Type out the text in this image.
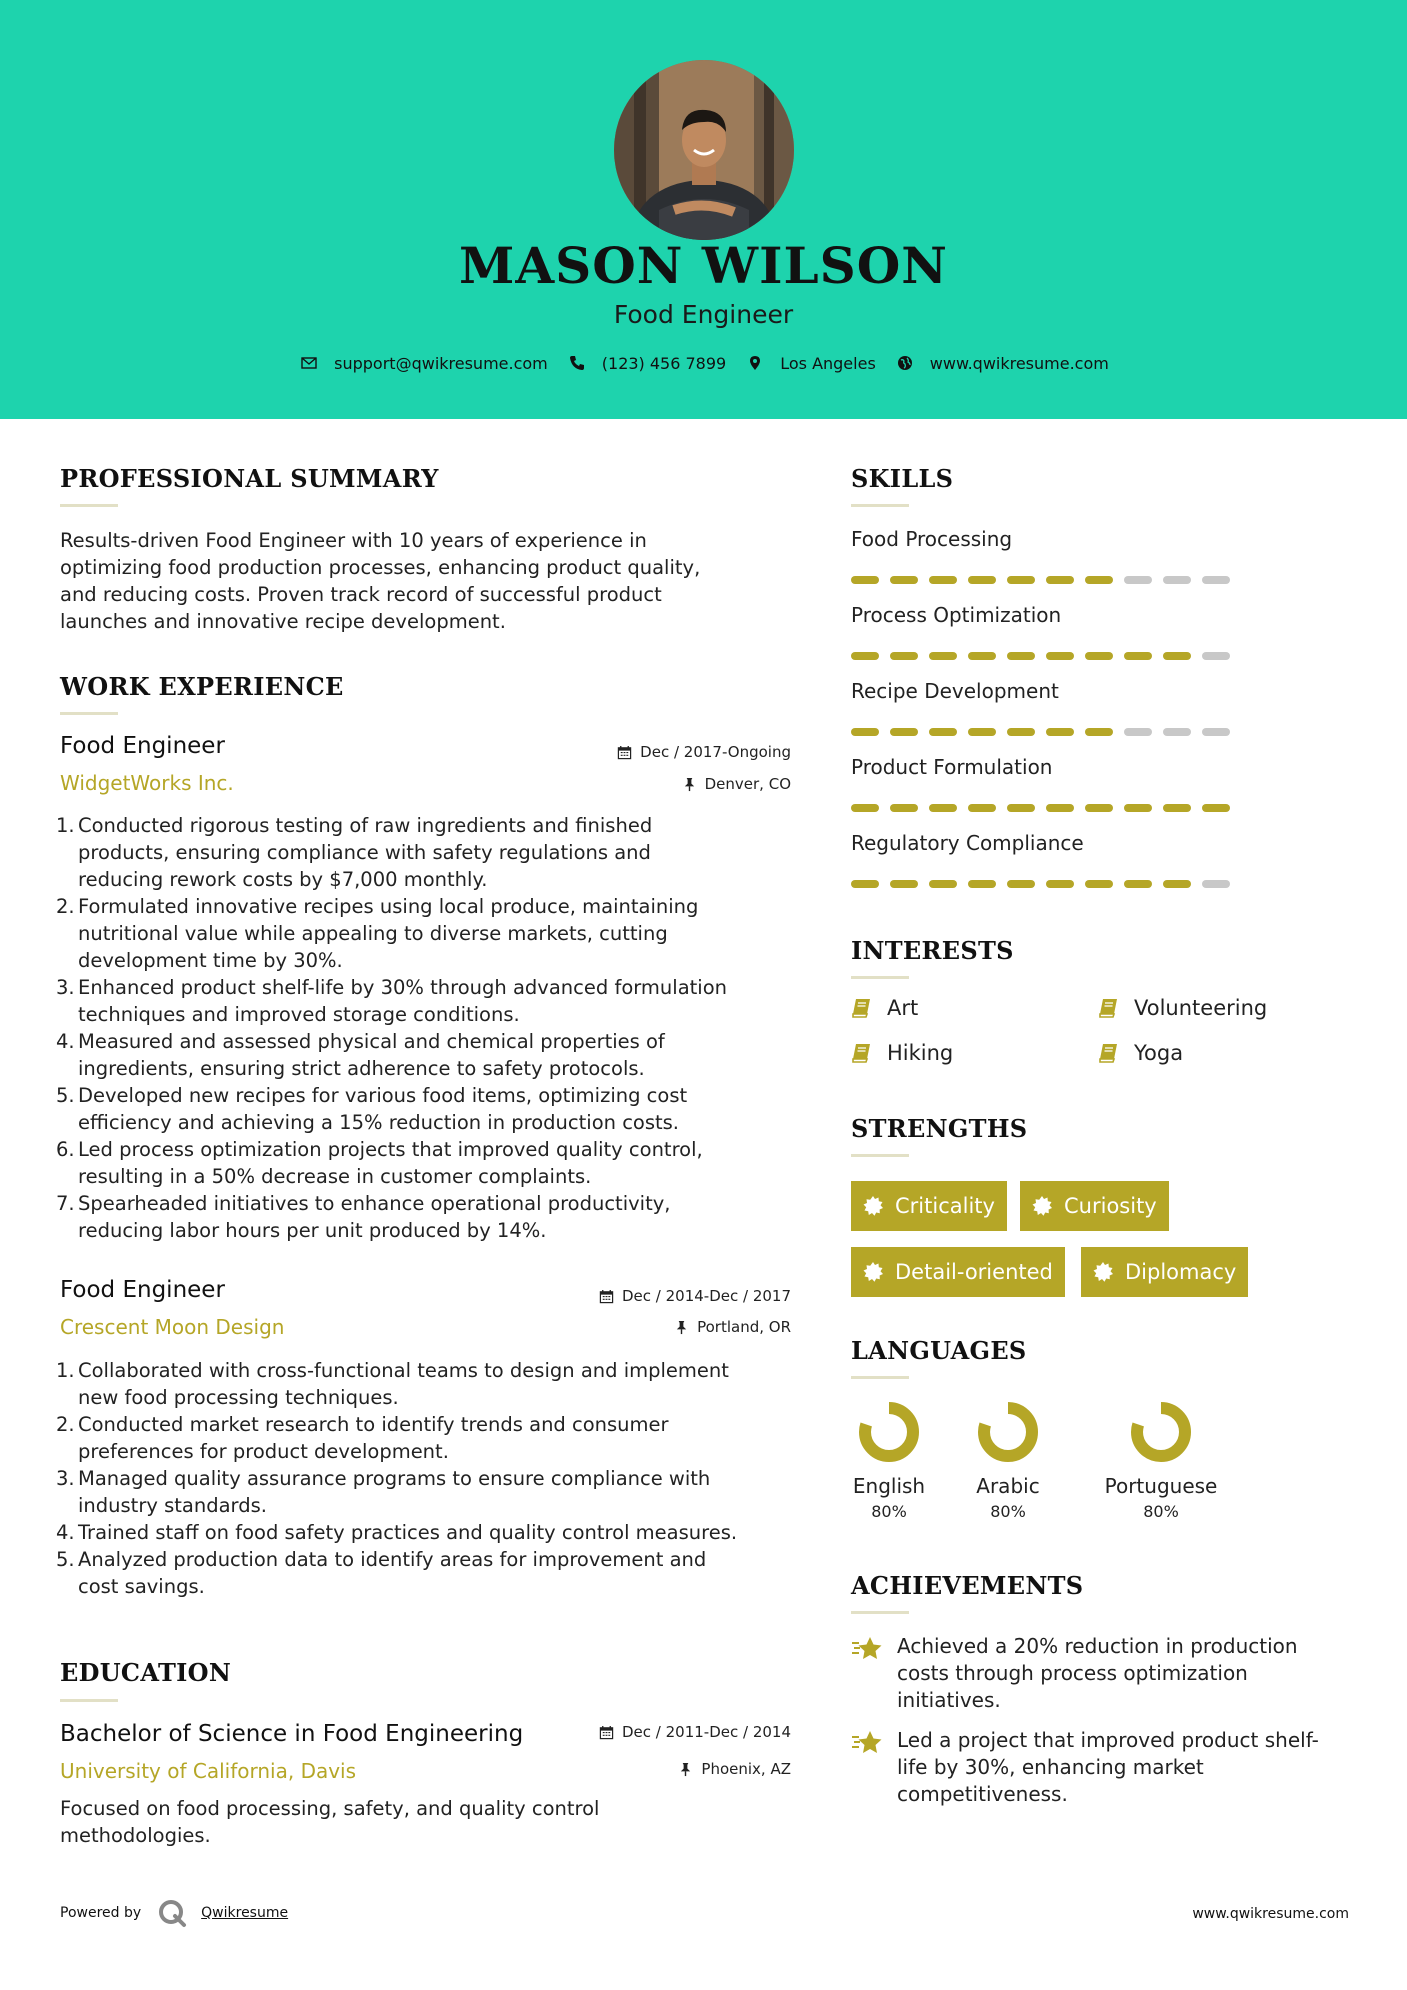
MASON WILSON
Food Engineer
support@qwikresume.com	(123) 456 7899	Los Angeles	www.qwikresume.com
PROFESSIONAL SUMMARY
Results-driven Food Engineer with 10 years of experience in
optimizing food production processes, enhancing product quality,
and reducing costs. Proven track record of successful product
launches and innovative recipe development.
WORK EXPERIENCE
Food Engineer
WidgetWorks Inc.
Dec / 2017-Ongoing
Denver, CO
1. Conducted rigorous testing of raw ingredients and finished
products, ensuring compliance with safety regulations and
reducing rework costs by $7,000 monthly.
2. Formulated innovative recipes using local produce, maintaining
nutritional value while appealing to diverse markets, cutting
development time by 30%.
3. Enhanced product shelf-life by 30% through advanced formulation
techniques and improved storage conditions.
4. Measured and assessed physical and chemical properties of
ingredients, ensuring strict adherence to safety protocols.
5. Developed new recipes for various food items, optimizing cost
efficiency and achieving a 15% reduction in production costs.
6. Led process optimization projects that improved quality control,
resulting in a 50% decrease in customer complaints.
7. Spearheaded initiatives to enhance operational productivity,
reducing labor hours per unit produced by 14%.
Food Engineer
Crescent Moon Design
Dec / 2014-Dec / 2017
Portland, OR
1. Collaborated with cross-functional teams to design and implement
new food processing techniques.
2. Conducted market research to identify trends and consumer
preferences for product development.
3. Managed quality assurance programs to ensure compliance with
industry standards.
4. Trained staff on food safety practices and quality control measures.
5. Analyzed production data to identify areas for improvement and
cost savings.
EDUCATION
Bachelor of Science in Food Engineering
University of California, Davis
Dec / 2011-Dec / 2014
Phoenix, AZ
Focused on food processing, safety, and quality control
methodologies.
SKILLS
Food Processing
Process Optimization
Recipe Development
Product Formulation
Regulatory Compliance
INTERESTS
Art	Volunteering
Hiking	Yoga
STRENGTHS
Criticality	Curiosity
Detail-oriented	Diplomacy
LANGUAGES
English
80%
Arabic
80%
Portuguese
80%
ACHIEVEMENTS
Achieved a 20% reduction in production
costs through process optimization
initiatives.
Led a project that improved product shelf-
life by 30%, enhancing market
competitiveness.
Powered by	Qwikresume	www.qwikresume.com
